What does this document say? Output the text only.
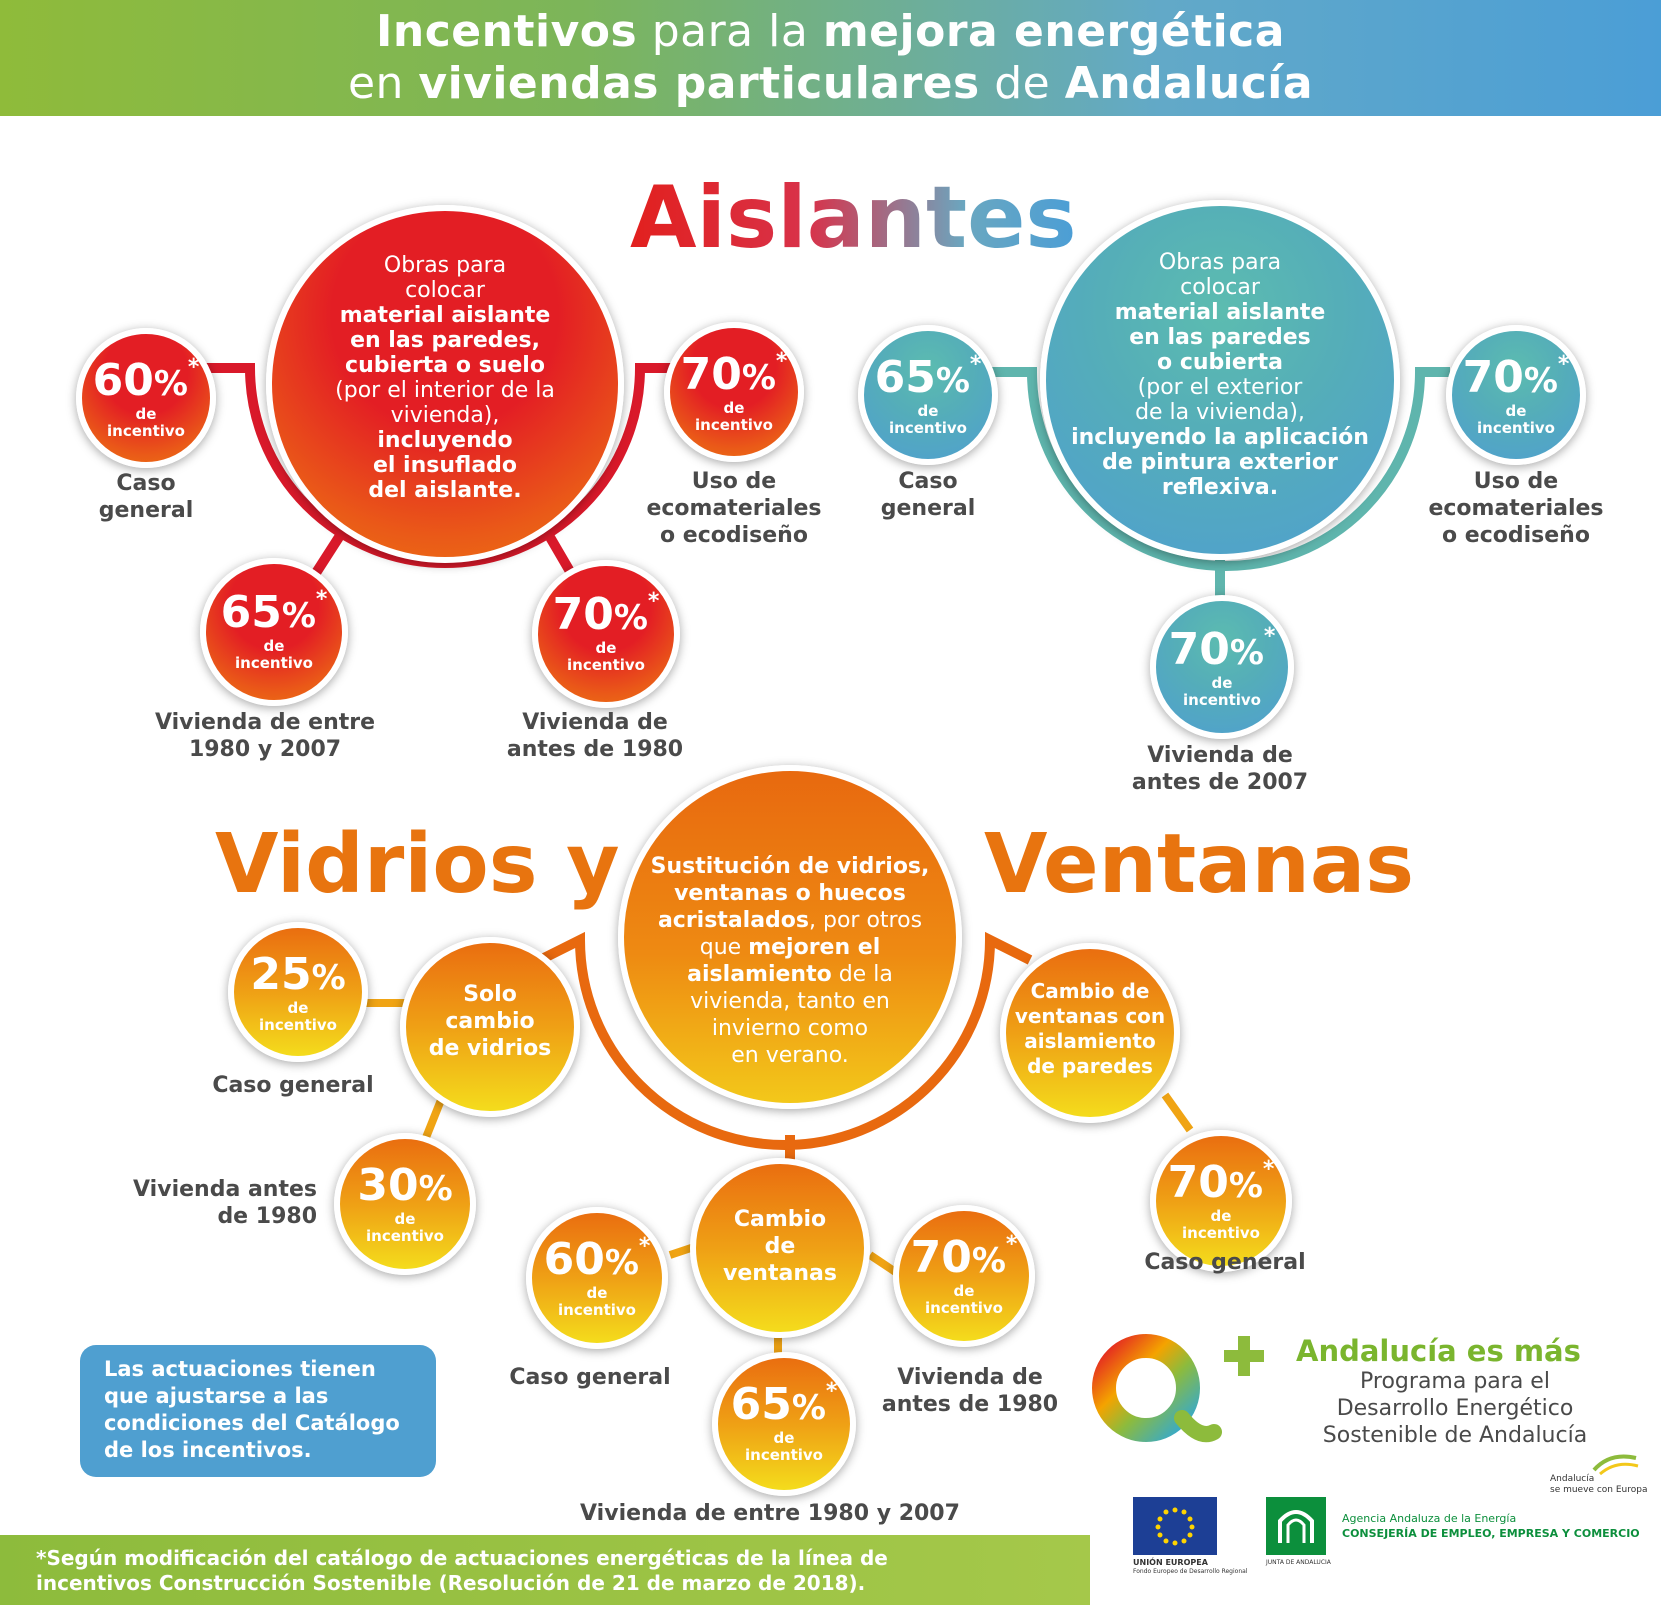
Incentivos para la mejora energética
en viviendas particulares de Andalucía
Aislantes
Obras para
colocar
material aislante
en las paredes,
cubierta o suelo
(por el interior de la
vivienda),
incluyendo
el insuflado
del aislante.
Obras para
colocar
material aislante
en las paredes
o cubierta
(por el exterior
de la vivienda),
incluyendo la aplicación
de pintura exterior
reflexiva.
60%*
de
incentivo
Caso
general
70%*
de
incentivo
Uso de
ecomateriales
o ecodiseño
65%*
de
incentivo
Vivienda de entre
1980 y 2007
70%*
de
incentivo
Vivienda de
antes de 1980
65%*
de
incentivo
Caso
general
70%*
de
incentivo
Uso de
ecomateriales
o ecodiseño
70%*
de
incentivo
Vivienda de
antes de 2007
Vidrios y	Ventanas
Sustitución de vidrios,
ventanas o huecos
acristalados, por otros
que mejoren el
aislamiento de la
vivienda, tanto en
invierno como
en verano.
Solo
cambio
de vidrios
25%
de
incentivo
Caso general
30%
de
incentivo
Vivienda antes
de 1980	Cambio
de
ventanas
60%*
de
incentivo
Caso general
70%*
de
incentivo
Vivienda de
antes de 1980
65%*
de
incentivo
Vivienda de entre 1980 y 2007
Cambio de
ventanas con
aislamiento
de paredes
70%*
de
incentivo
Caso general
Las actuaciones tienen que ajustarse a las condiciones del Catálogo de los incentivos.
Andalucía es más
Programa para el
Desarrollo Energético
Sostenible de Andalucía
Andalucía
se mueve con Europa
UNIÓN EUROPEA
Fondo Europeo de Desarrollo Regional
JUNTA DE ANDALUCIA
Agencia Andaluza de la Energía
CONSEJERÍA DE EMPLEO, EMPRESA Y COMERCIO
*Según modificación del catálogo de actuaciones energéticas de la línea de
incentivos Construcción Sostenible (Resolución de 21 de marzo de 2018).
